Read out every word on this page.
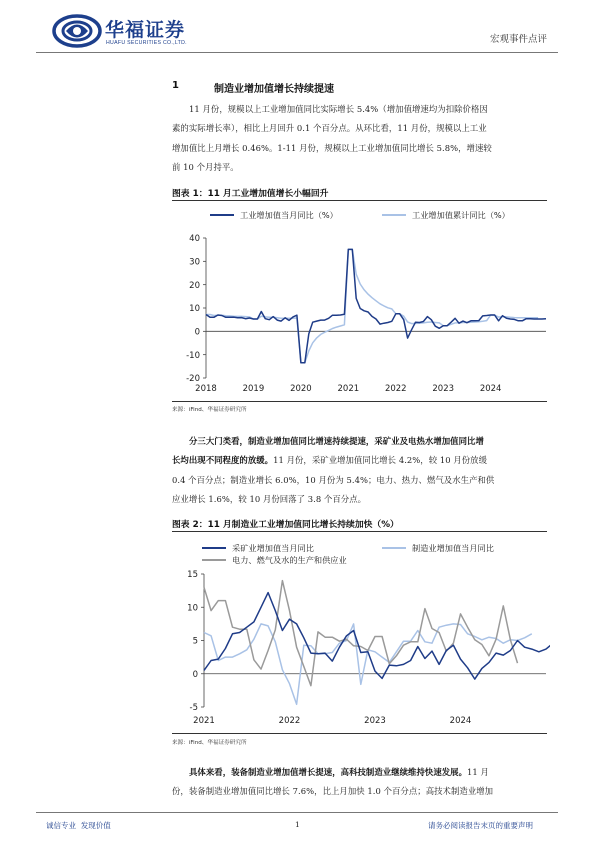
华福证券
HUAFU SECURITIES CO.,LTD.	宏观事件点评
1	制造业增加值增长持续提速
11 月份，规模以上工业增加值同比实际增长 5.4%（增加值增速均为扣除价格因
素的实际增长率），相比上月回升 0.1 个百分点。从环比看，11 月份，规模以上工业
增加值比上月增长 0.46%。1-11 月份，规模以上工业增加值同比增长 5.8%，增速较
前 10 个月持平。
图表 1：11 月工业增加值增长小幅回升
40
30
20
10
0
-10
-20
2018	2019	2020	2021	2022	2023	2024
工业增加值当月同比（%）	工业增加值累计同比（%）
来源：iFind、华福证券研究所
分三大门类看，制造业增加值同比增速持续提速，采矿业及电热水增加值同比增
长均出现不同程度的放缓。11 月份，采矿业增加值同比增长 4.2%，较 10 月份放缓
0.4 个百分点；制造业增长 6.0%，10 月份为 5.4%；电力、热力、燃气及水生产和供
应业增长 1.6%，较 10 月份回落了 3.8 个百分点。
图表 2：11 月制造业工业增加值同比增长持续加快（%）
15
10
5
0
-5
2021	2022	2023	2024
采矿业增加值当月同比	制造业增加值当月同比
电力、燃气及水的生产和供应业
来源：iFind、华福证券研究所
具体来看，装备制造业增加值增长提速，高科技制造业继续维持快速发展。11 月
份，装备制造业增加值同比增长 7.6%，比上月加快 1.0 个百分点；高技术制造业增加
诚信专业  发现价值	1	请务必阅读报告末页的重要声明
